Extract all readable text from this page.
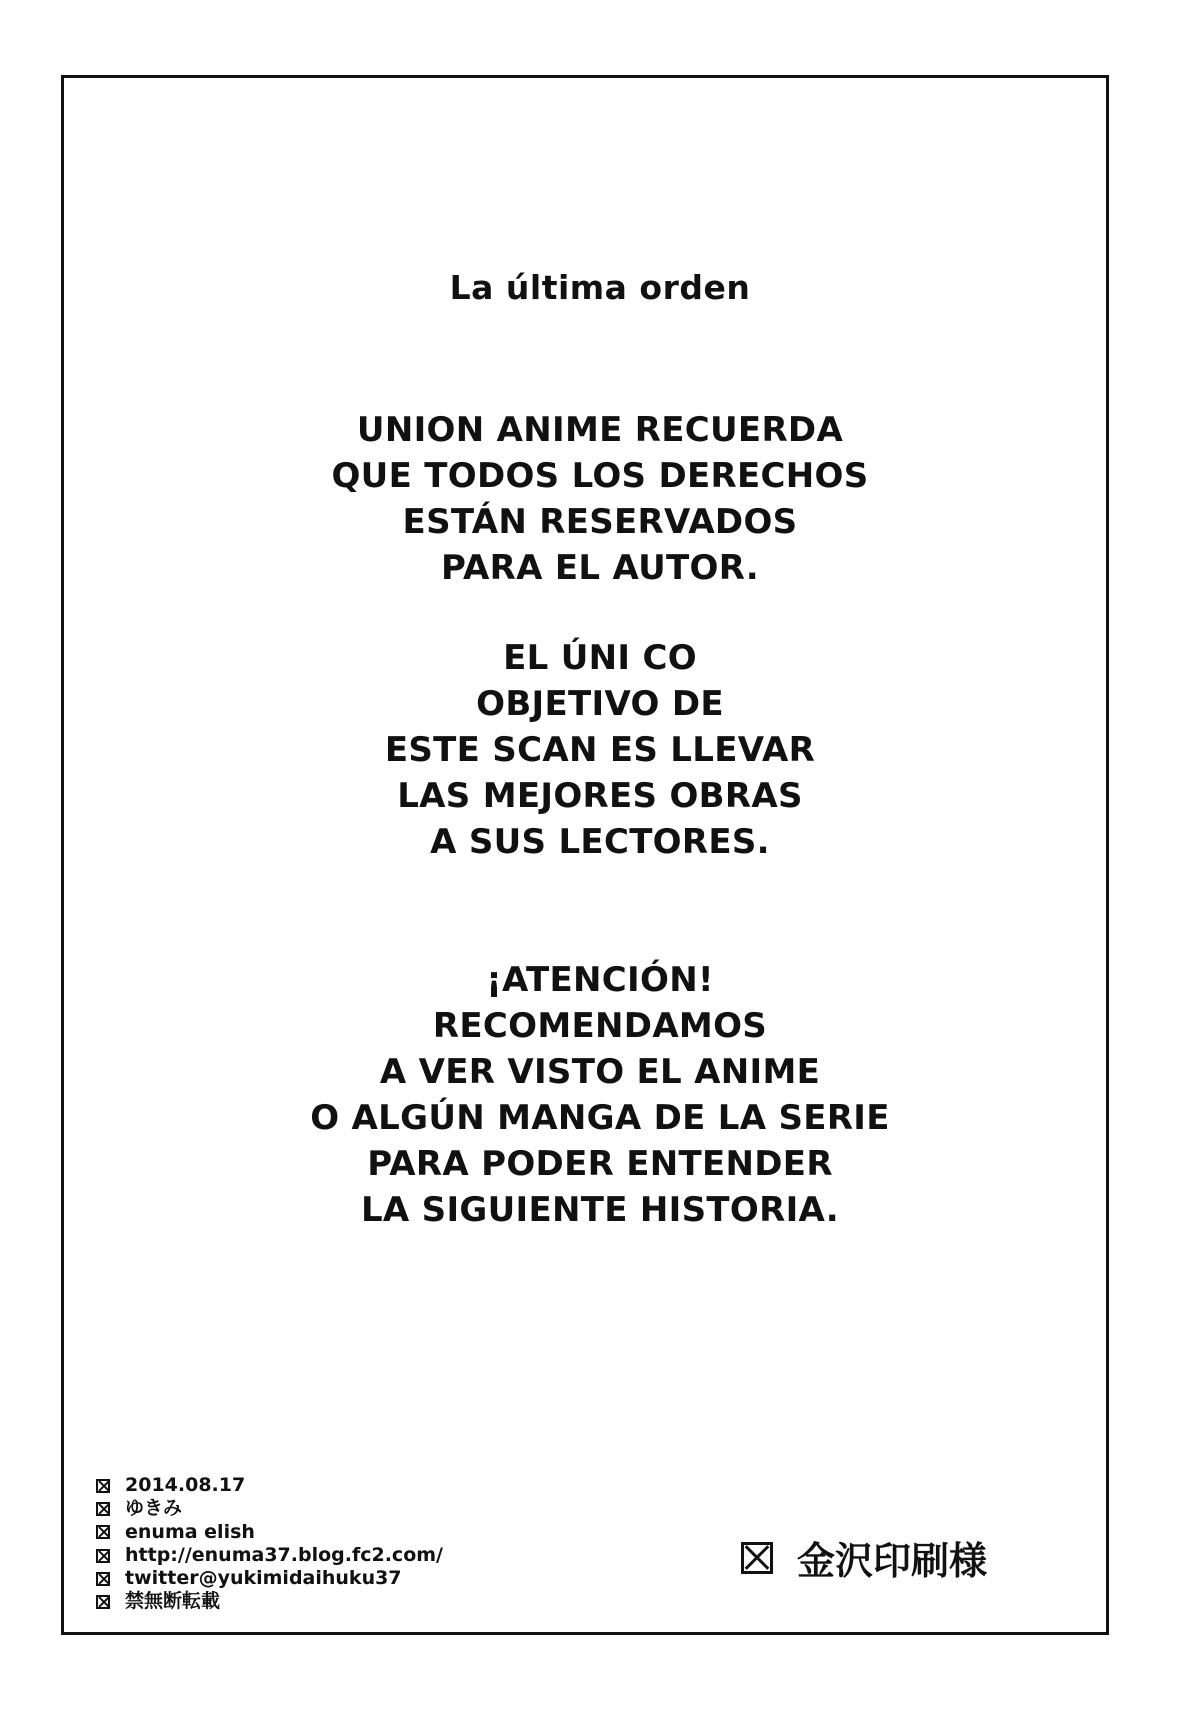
La última orden
UNION ANIME RECUERDA
QUE TODOS LOS DERECHOS
ESTÁN RESERVADOS
PARA EL AUTOR.
EL ÚNI CO
OBJETIVO DE
ESTE SCAN ES LLEVAR
LAS MEJORES OBRAS
A SUS LECTORES.
¡ATENCIÓN!
RECOMENDAMOS
A VER VISTO EL ANIME
O ALGÚN MANGA DE LA SERIE
PARA PODER ENTENDER
LA SIGUIENTE HISTORIA.
2014.08.17
ゆきみ
enuma elish
http://enuma37.blog.fc2.com/
twitter@yukimidaihuku37
禁無断転載
金沢印刷様
